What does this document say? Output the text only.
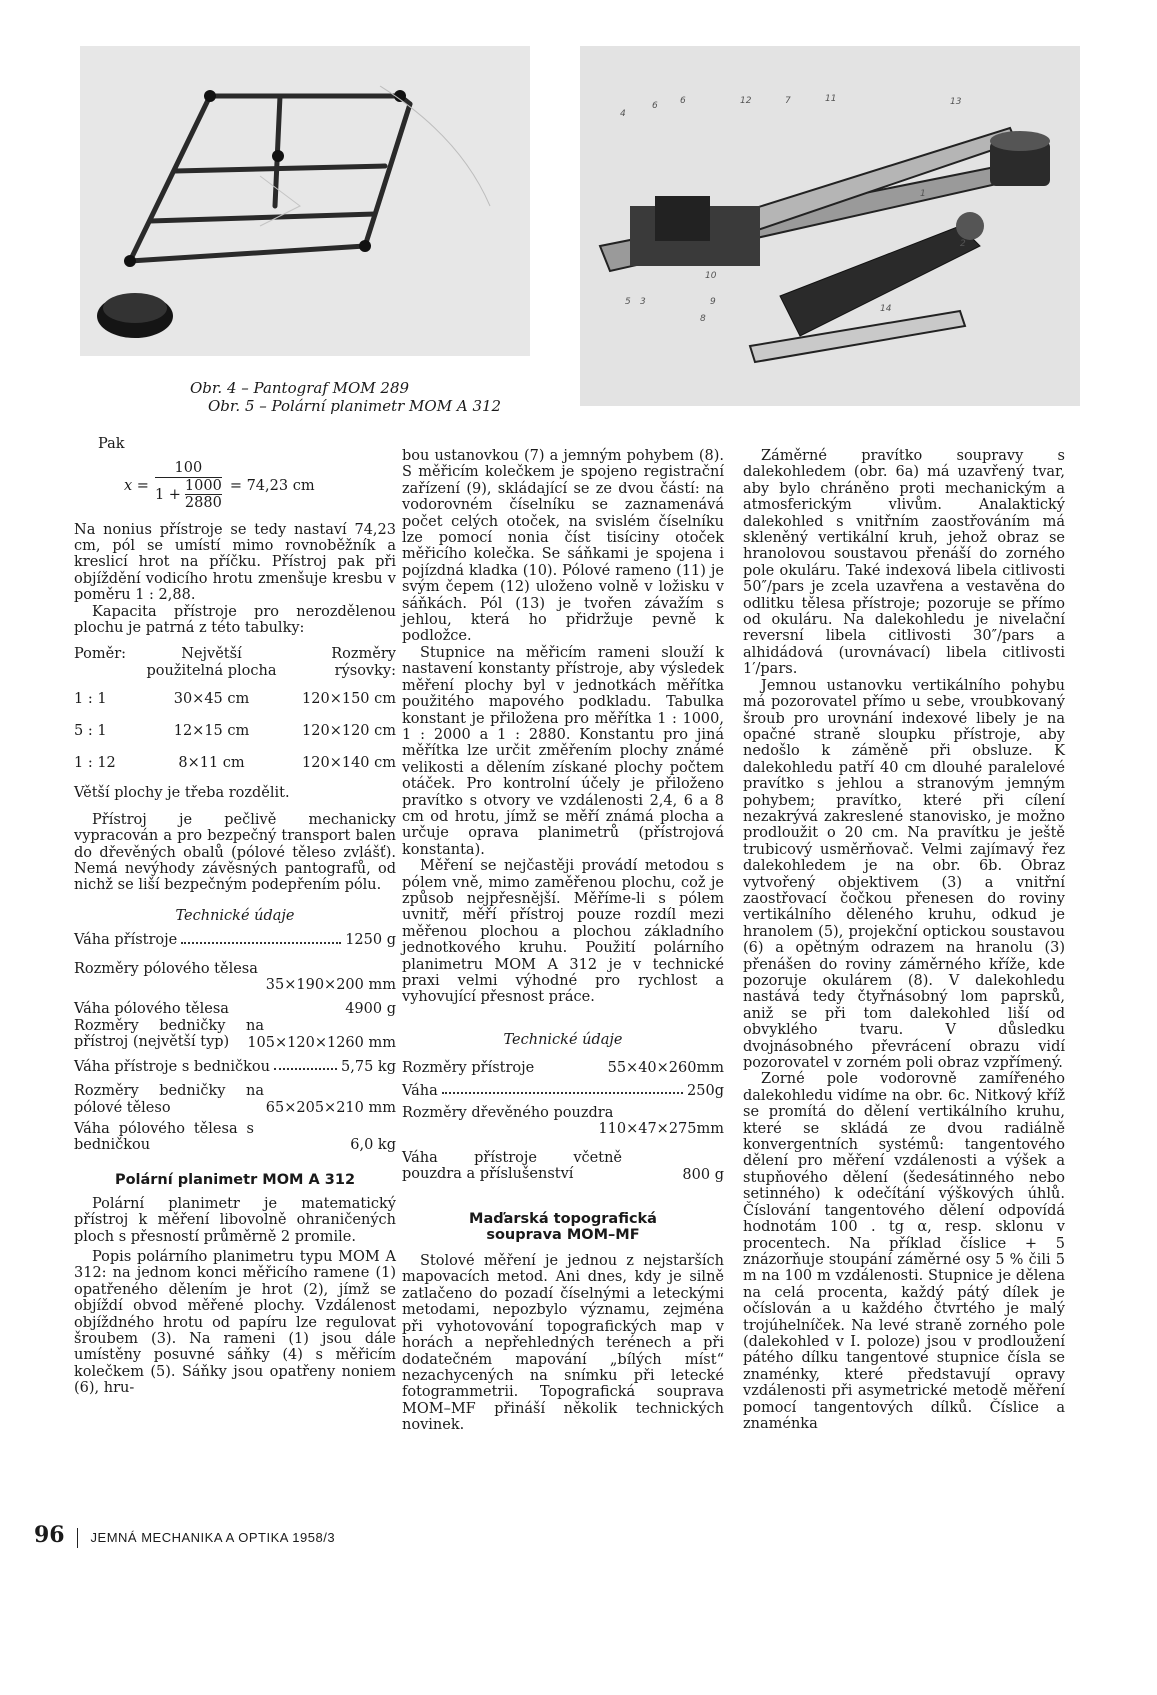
4
6 6	12	7	11	13
5 3
1
2
10
9
8
14
Obr. 4 – Pantograf MOM 289
Obr. 5 – Polární planimetr MOM A 312

Pak

$x = \frac{100}{1 + \frac{1000}{2880}} = 74,23$ cm

Na nonius přístroje se tedy nastaví 74,23 cm, pól se umístí mimo rovnoběžník a kreslicí hrot na příčku. Přístroj pak při objíždění vodicího hrotu zmenšuje kresbu v poměru 1 : 2,88.

Kapacita přístroje pro nerozdělenou plochu je patrná z této tabulky:

Poměr:	Největší použitelná plocha	Rozměry rýsovky:
1 : 1	30×45 cm	120×150 cm
5 : 1	12×15 cm	120×120 cm
1 : 12	8×11 cm	120×140 cm

Větší plochy je třeba rozdělit.

Přístroj je pečlivě mechanicky vypracován a pro bezpečný transport balen do dřevěných obalů (pólové těleso zvlášť). Nemá nevýhody závěsných pantografů, od nichž se liší bezpečným podepřením pólu.

Technické údaje

Váha přístroje	1250 g
Rozměry pólového tělesa
35×190×200 mm
Váha pólového tělesa	4900 g
Rozměry bedničky na přístroj (největší typ)	105×120×1260 mm
Váha přístroje s bedničkou	5,75 kg
Rozměry bedničky na pólové těleso	65×205×210 mm
Váha pólového tělesa s bedničkou	6,0 kg
Polární planimetr MOM A 312

Polární planimetr je matematický přístroj k měření libovolně ohraničených ploch s přesností průměrně 2 promile.

Popis polárního planimetru typu MOM A 312: na jednom konci měřicího ramene (1) opatřeného dělením je hrot (2), jímž se objíždí obvod měřené plochy. Vzdálenost objíždného hrotu od papíru lze regulovat šroubem (3). Na rameni (1) jsou dále umístěny posuvné sáňky (4) s měřicím kolečkem (5). Sáňky jsou opatřeny noniem (6), hru-

bou ustanovkou (7) a jemným pohybem (8). S měřicím kolečkem je spojeno registrační zařízení (9), skládající se ze dvou částí: na vodorovném číselníku se zaznamenává počet celých otoček, na svislém číselníku lze pomocí nonia číst tisíciny otoček měřicího kolečka. Se sáňkami je spojena i pojízdná kladka (10). Pólové rameno (11) je svým čepem (12) uloženo volně v ložisku v sáňkách. Pól (13) je tvořen závažím s jehlou, která ho přidržuje pevně k podložce.

Stupnice na měřicím rameni slouží k nastavení konstanty přístroje, aby výsledek měření plochy byl v jednotkách měřítka použitého mapového podkladu. Tabulka konstant je přiložena pro měřítka 1 : 1000, 1 : 2000 a 1 : 2880. Konstantu pro jiná měřítka lze určit změřením plochy známé velikosti a dělením získané plochy počtem otáček. Pro kontrolní účely je přiloženo pravítko s otvory ve vzdálenosti 2,4, 6 a 8 cm od hrotu, jímž se měří známá plocha a určuje oprava planimetrů (přístrojová konstanta).

Měření se nejčastěji provádí metodou s pólem vně, mimo zaměřenou plochu, což je způsob nejpřesnější. Měříme-li s pólem uvnitř, měří přístroj pouze rozdíl mezi měřenou plochou a plochou základního jednotkového kruhu. Použití polárního planimetru MOM A 312 je v technické praxi velmi výhodné pro rychlost a vyhovující přesnost práce.

Technické údaje

Rozměry přístroje	55×40×260mm
Váha	250g
Rozměry dřevěného pouzdra
110×47×275mm
Váha přístroje včetně pouzdra a příslušenství	800 g
Maďarská topografická souprava MOM–MF

Stolové měření je jednou z nejstarších mapovacích metod. Ani dnes, kdy je silně zatlačeno do pozadí číselnými a leteckými metodami, nepozbylo významu, zejména při vyhotovování topografických map v horách a nepřehledných terénech a při dodatečném mapování „bílých míst“ nezachycených na snímku při letecké fotogrammetrii. Topografická souprava MOM–MF přináší několik technických novinek.

Záměrné pravítko soupravy s dalekohledem (obr. 6a) má uzavřený tvar, aby bylo chráněno proti mechanickým a atmosferickým vlivům. Analaktický dalekohled s vnitřním zaostřováním má skleněný vertikální kruh, jehož obraz se hranolovou soustavou přenáší do zorného pole okuláru. Také indexová libela citlivosti 50″/pars je zcela uzavřena a vestavěna do odlitku tělesa přístroje; pozoruje se přímo od okuláru. Na dalekohledu je nivelační reversní libela citlivosti 30″/pars a alhidádová (urovnávací) libela citlivosti 1′/pars.

Jemnou ustanovku vertikálního pohybu má pozorovatel přímo u sebe, vroubkovaný šroub pro urovnání indexové libely je na opačné straně sloupku přístroje, aby nedošlo k záměně při obsluze. K dalekohledu patří 40 cm dlouhé paralelové pravítko s jehlou a stranovým jemným pohybem; pravítko, které při cílení nezakrývá zakreslené stanovisko, je možno prodloužit o 20 cm. Na pravítku je ještě trubicový usměrňovač. Velmi zajímavý řez dalekohledem je na obr. 6b. Obraz vytvořený objektivem (3) a vnitřní zaostřovací čočkou přenesen do roviny vertikálního děleného kruhu, odkud je hranolem (5), projekční optickou soustavou (6) a opětným odrazem na hranolu (3) přenášen do roviny záměrného kříže, kde pozoruje okulárem (8). V dalekohledu nastává tedy čtyřnásobný lom paprsků, aniž se při tom dalekohled liší od obvyklého tvaru. V důsledku dvojnásobného převrácení obrazu vidí pozorovatel v zorném poli obraz vzpřímený.

Zorné pole vodorovně zamířeného dalekohledu vidíme na obr. 6c. Nitkový kříž se promítá do dělení vertikálního kruhu, které se skládá ze dvou radiálně konvergentních systémů: tangentového dělení pro měření vzdálenosti a výšek a stupňového dělení (šedesátinného nebo setinného) k odečítání výškových úhlů. Číslování tangentového dělení odpovídá hodnotám 100 . tg α, resp. sklonu v procentech. Na příklad číslice + 5 znázorňuje stoupání záměrné osy 5 % čili 5 m na 100 m vzdálenosti. Stupnice je dělena na celá procenta, každý pátý dílek je očíslován a u každého čtvrtého je malý trojúhelníček. Na levé straně zorného pole (dalekohled v I. poloze) jsou v prodloužení pátého dílku tangentové stupnice čísla se znaménky, které představují opravy vzdálenosti při asymetrické metodě měření pomocí tangentových dílků. Číslice a znaménka

96 JEMNÁ MECHANIKA A OPTIKA 1958/3
